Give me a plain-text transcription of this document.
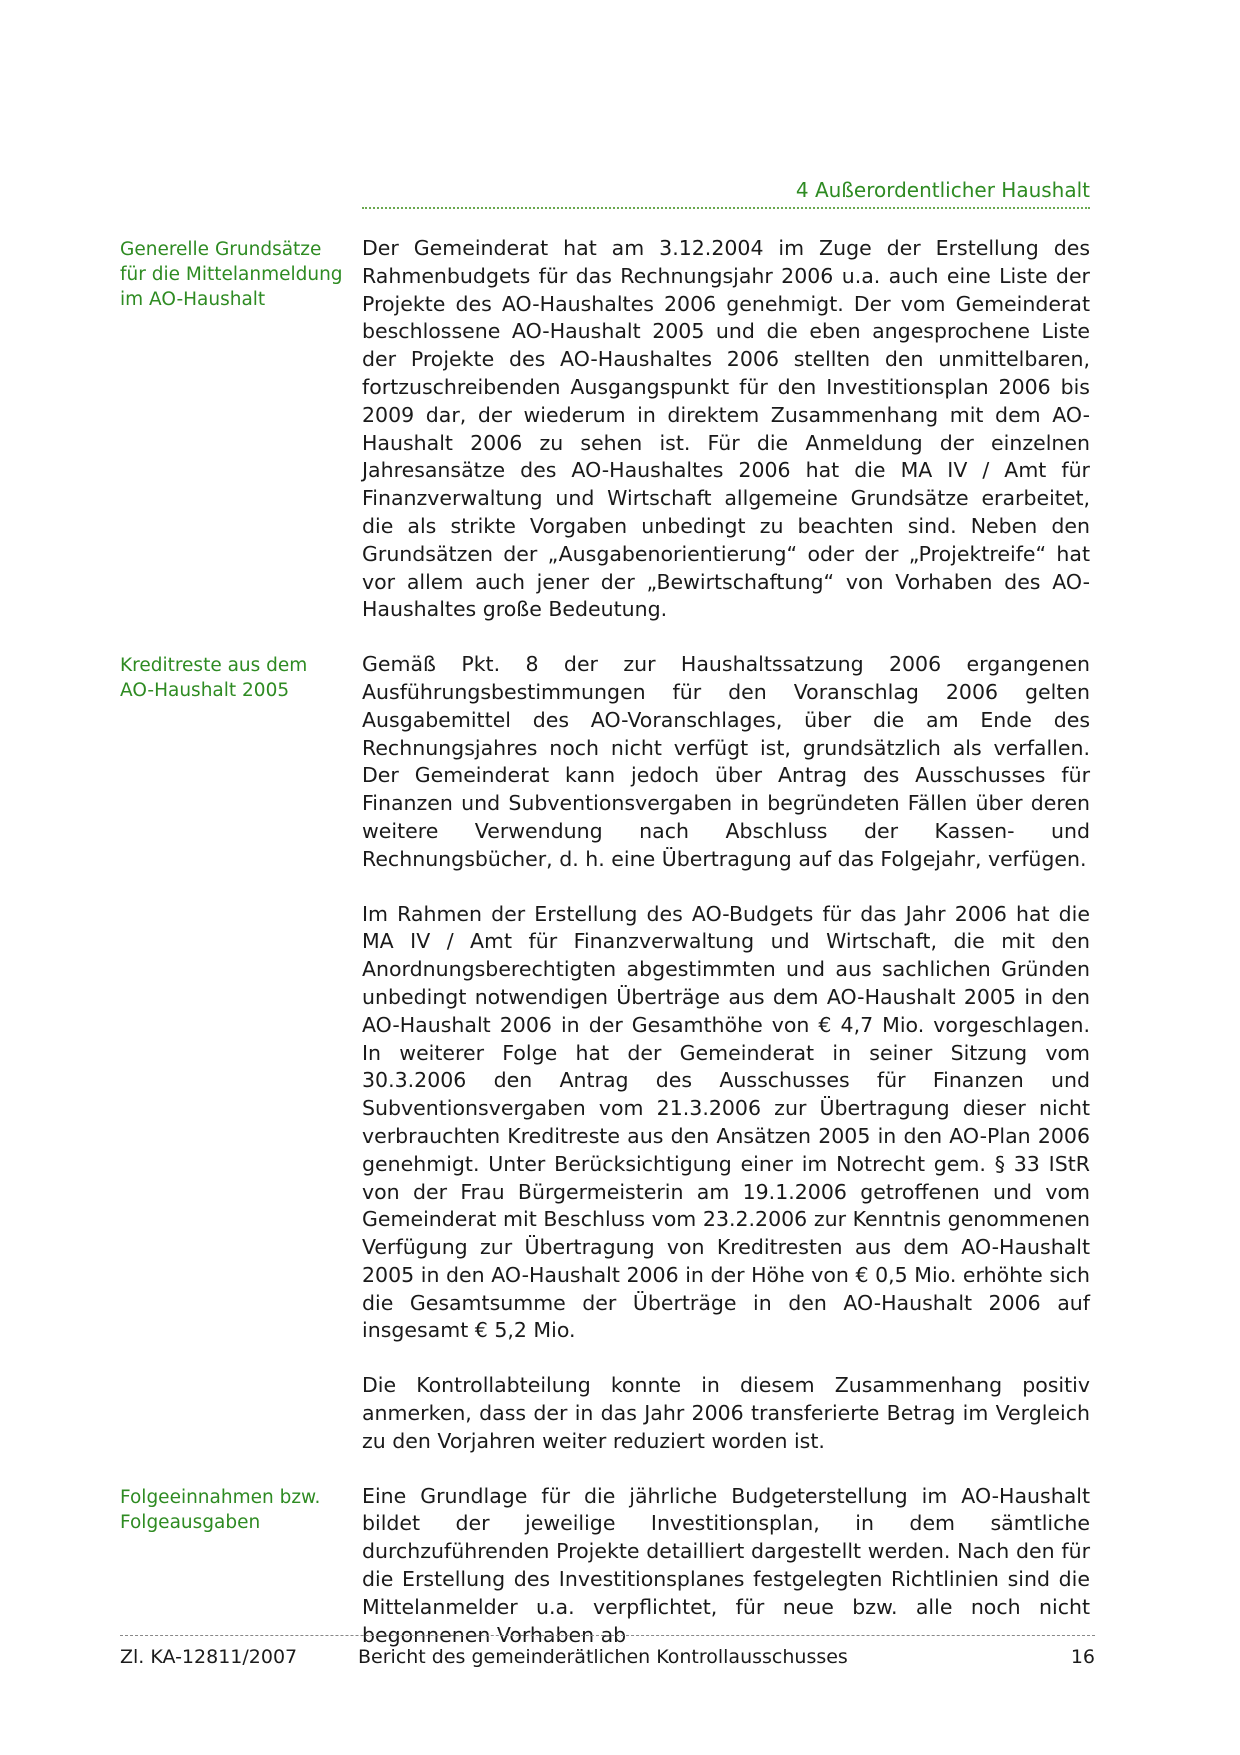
4 Außerordentlicher Haushalt
Generelle Grundsätze
für die Mittelanmeldung
im AO-Haushalt

Der Gemeinderat hat am 3.12.2004 im Zuge der Erstellung des Rahmenbudgets für das Rechnungsjahr 2006 u.a. auch eine Liste der Projekte des AO-Haushaltes 2006 genehmigt. Der vom Gemeinderat beschlossene AO-Haushalt 2005 und die eben angesprochene Liste der Projekte des AO-Haushaltes 2006 stellten den unmittelbaren, fortzuschreibenden Ausgangspunkt für den Investitionsplan 2006 bis 2009 dar, der wiederum in direktem Zusammenhang mit dem AO-Haushalt 2006 zu sehen ist. Für die Anmeldung der einzelnen Jahresansätze des AO-Haushaltes 2006 hat die MA IV / Amt für Finanzverwaltung und Wirtschaft allgemeine Grundsätze erarbeitet, die als strikte Vorgaben unbedingt zu beachten sind. Neben den Grundsätzen der „Ausgabenorientierung“ oder der „Projektreife“ hat vor allem auch jener der „Bewirtschaftung“ von Vorhaben des AO-Haushaltes große Bedeutung.

Kreditreste aus dem
AO-Haushalt 2005

Gemäß Pkt. 8 der zur Haushaltssatzung 2006 ergangenen Ausführungsbestimmungen für den Voranschlag 2006 gelten Ausgabemittel des AO-Voranschlages, über die am Ende des Rechnungsjahres noch nicht verfügt ist, grundsätzlich als verfallen. Der Gemeinderat kann jedoch über Antrag des Ausschusses für Finanzen und Subventionsvergaben in begründeten Fällen über deren weitere Verwendung nach Abschluss der Kassen- und Rechnungsbücher, d. h. eine Übertragung auf das Folgejahr, verfügen.

Im Rahmen der Erstellung des AO-Budgets für das Jahr 2006 hat die MA IV / Amt für Finanzverwaltung und Wirtschaft, die mit den Anordnungsberechtigten abgestimmten und aus sachlichen Gründen unbedingt notwendigen Überträge aus dem AO-Haushalt 2005 in den AO-Haushalt 2006 in der Gesamthöhe von € 4,7 Mio. vorgeschlagen. In weiterer Folge hat der Gemeinderat in seiner Sitzung vom 30.3.2006 den Antrag des Ausschusses für Finanzen und Subventionsvergaben vom 21.3.2006 zur Übertragung dieser nicht verbrauchten Kreditreste aus den Ansätzen 2005 in den AO-Plan 2006 genehmigt. Unter Berücksichtigung einer im Notrecht gem. § 33 IStR von der Frau Bürgermeisterin am 19.1.2006 getroffenen und vom Gemeinderat mit Beschluss vom 23.2.2006 zur Kenntnis genommenen Verfügung zur Übertragung von Kreditresten aus dem AO-Haushalt 2005 in den AO-Haushalt 2006 in der Höhe von € 0,5 Mio. erhöhte sich die Gesamtsumme der Überträge in den AO-Haushalt 2006 auf insgesamt € 5,2 Mio.

Die Kontrollabteilung konnte in diesem Zusammenhang positiv anmerken, dass der in das Jahr 2006 transferierte Betrag im Vergleich zu den Vorjahren weiter reduziert worden ist.

Folgeeinnahmen bzw.
Folgeausgaben

Eine Grundlage für die jährliche Budgeterstellung im AO-Haushalt bildet der jeweilige Investitionsplan, in dem sämtliche durchzuführenden Projekte detailliert dargestellt werden. Nach den für die Erstellung des Investitionsplanes festgelegten Richtlinien sind die Mittelanmelder u.a. verpflichtet, für neue bzw. alle noch nicht begonnenen Vorhaben ab

Zl. KA-12811/2007	Bericht des gemeinderätlichen Kontrollausschusses	16
